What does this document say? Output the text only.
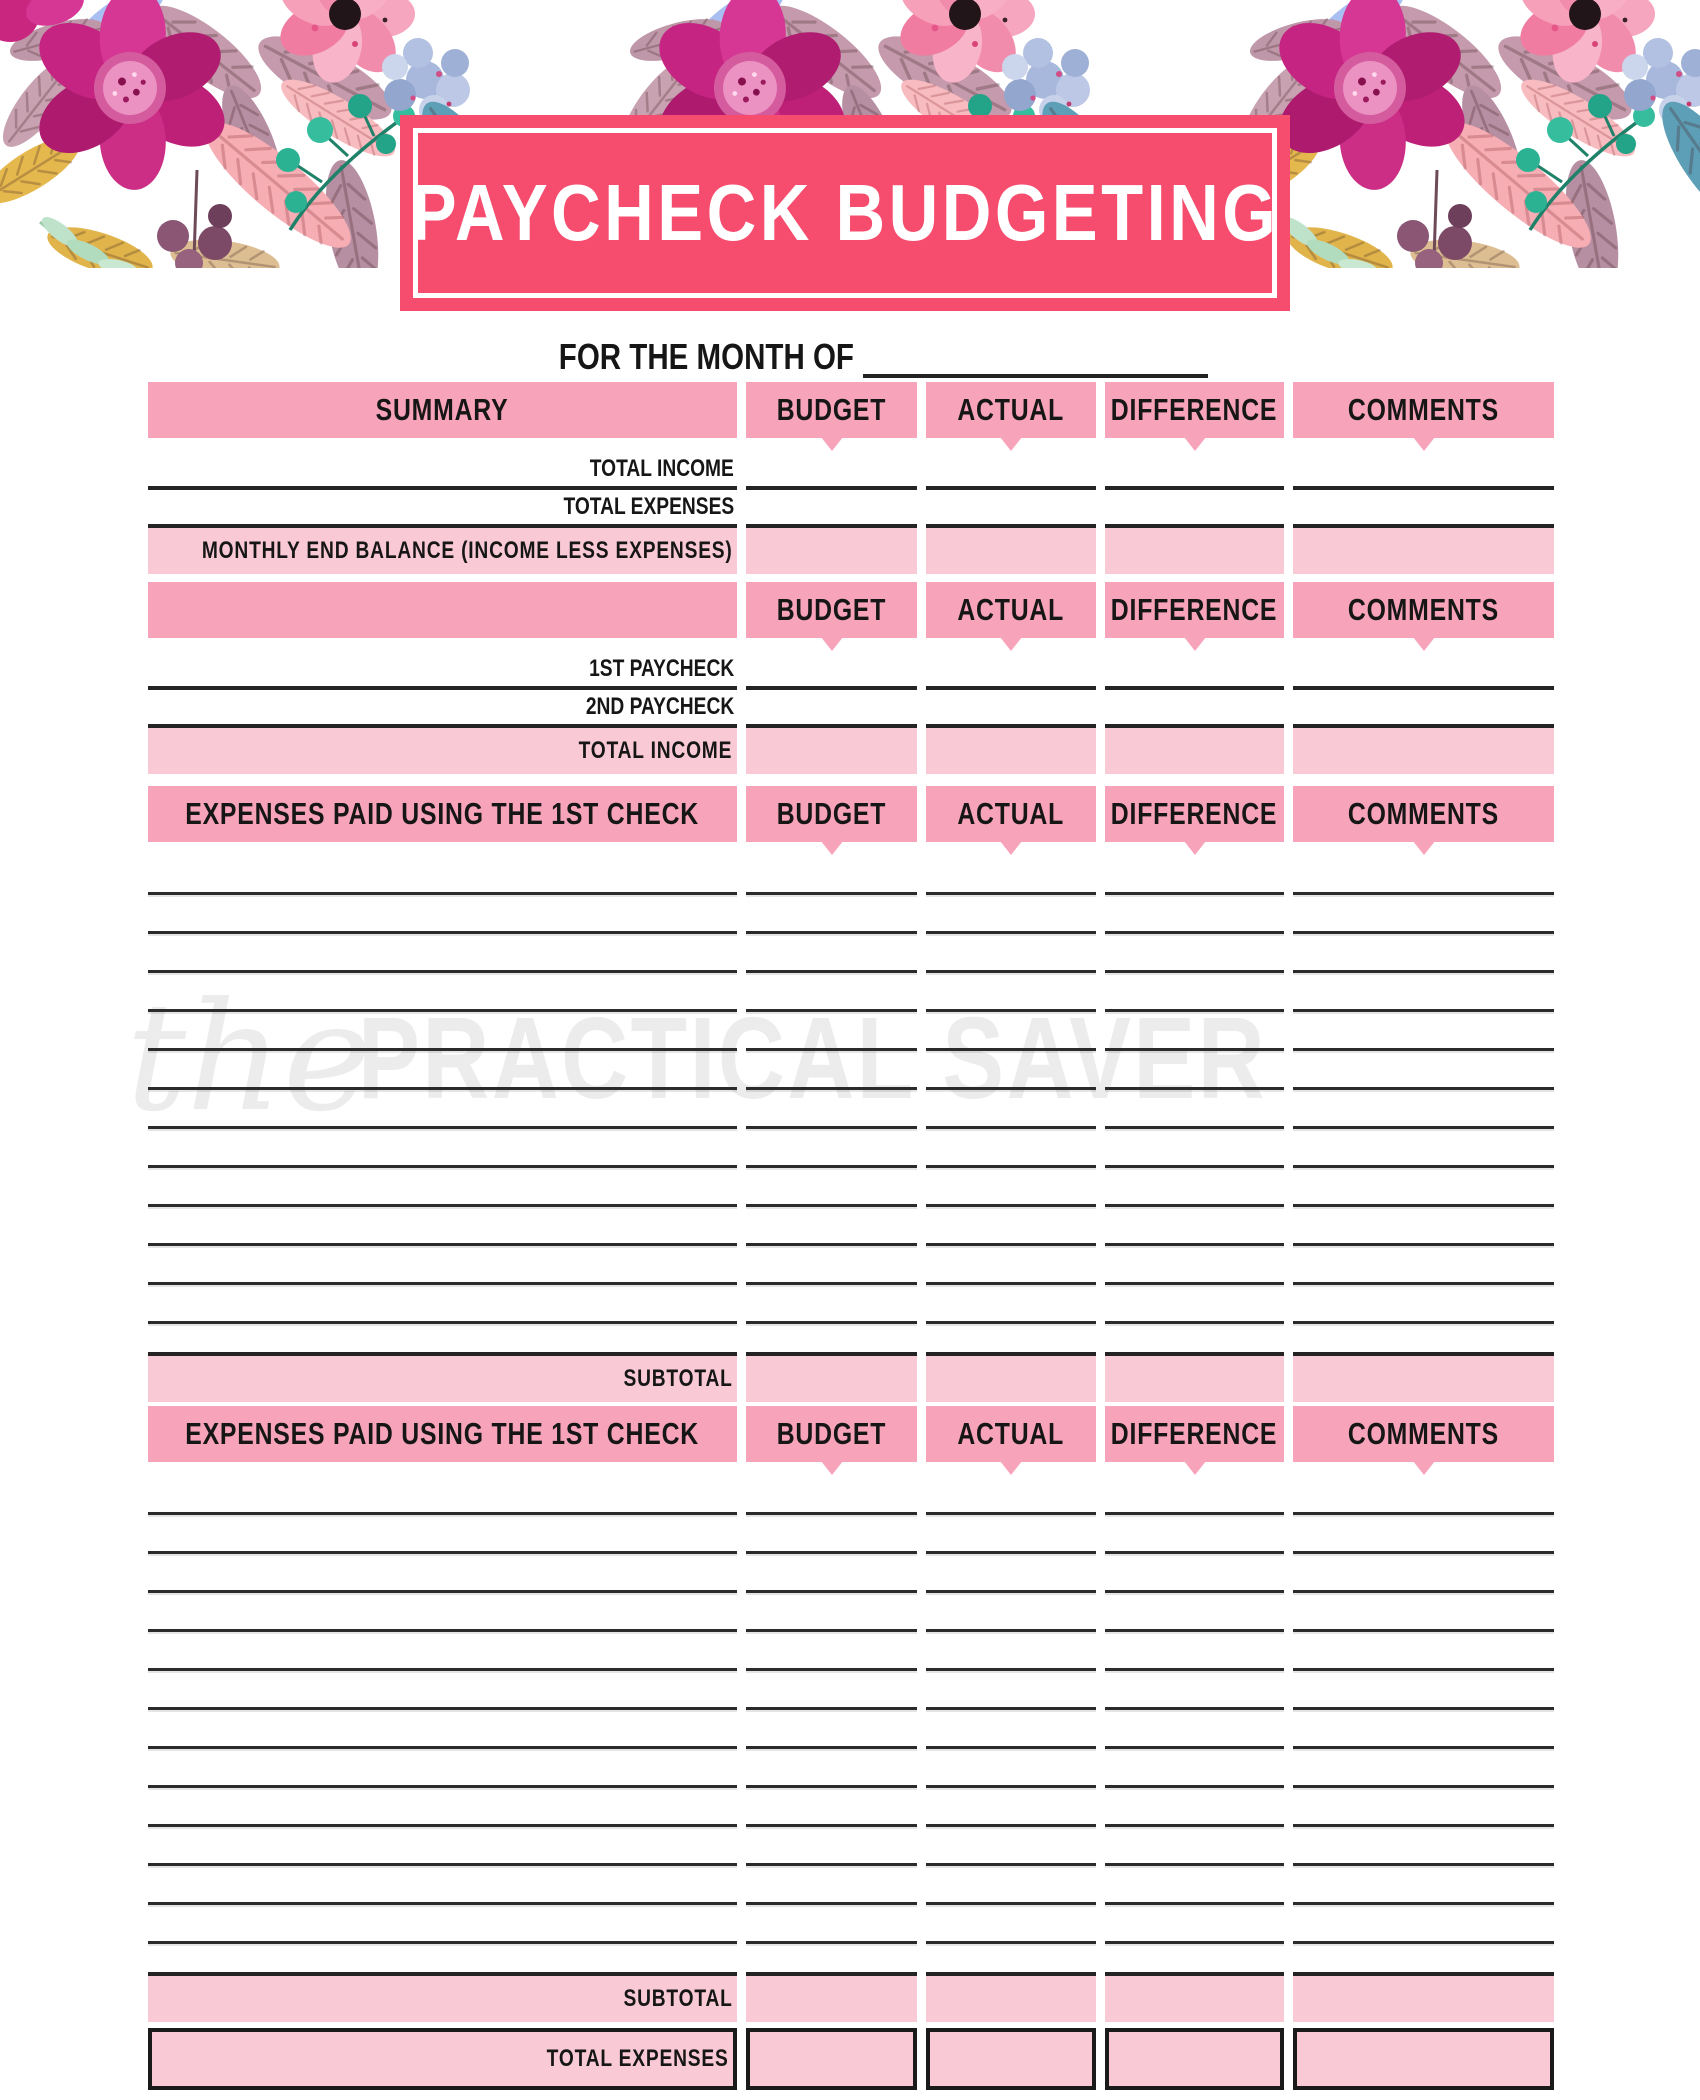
PAYCHECK BUDGETING
the
PRACTICAL SAVER
FOR THE MONTH OF
SUMMARY	BUDGET ACTUAL DIFFERENCE COMMENTS
TOTAL INCOME
TOTAL EXPENSES
MONTHLY END BALANCE (INCOME LESS EXPENSES)
BUDGET ACTUAL DIFFERENCE COMMENTS
1ST PAYCHECK
2ND PAYCHECK
TOTAL INCOME
EXPENSES PAID USING THE 1ST CHECK BUDGET ACTUAL DIFFERENCE COMMENTS
SUBTOTAL
EXPENSES PAID USING THE 1ST CHECK BUDGET ACTUAL DIFFERENCE COMMENTS
SUBTOTAL
TOTAL EXPENSES
